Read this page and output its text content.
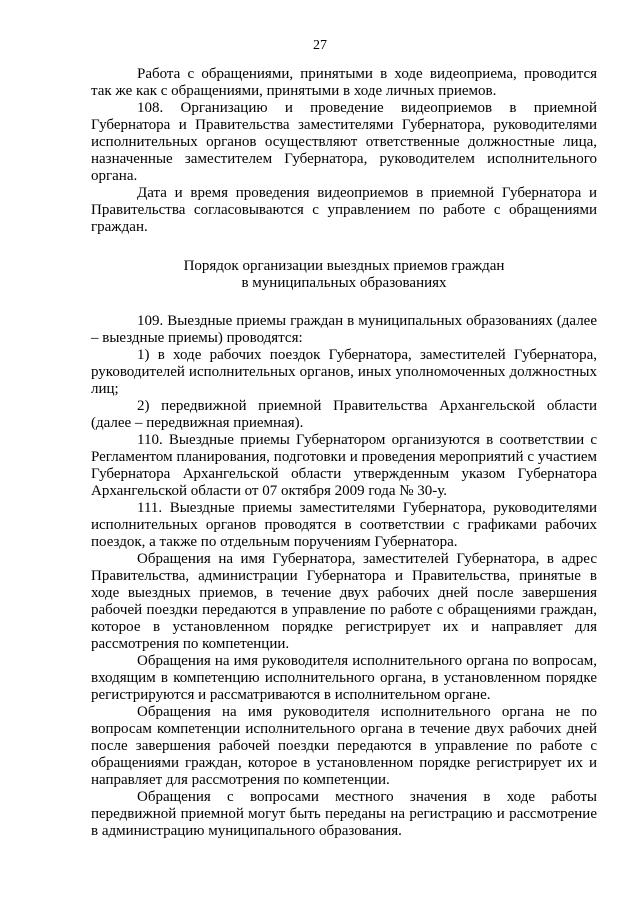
27

Работа с обращениями, принятыми в ходе видеоприема, проводится так же как с обращениями, принятыми в ходе личных приемов.

108. Организацию и проведение видеоприемов в приемной Губернатора и Правительства заместителями Губернатора, руководителями исполнительных органов осуществляют ответственные должностные лица, назначенные заместителем Губернатора, руководителем исполнительного органа.

Дата и время проведения видеоприемов в приемной Губернатора и Правительства согласовываются с управлением по работе с обращениями граждан.

Порядок организации выездных приемов граждан
в муниципальных образованиях

109. Выездные приемы граждан в муниципальных образованиях (далее – выездные приемы) проводятся:

1) в ходе рабочих поездок Губернатора, заместителей Губернатора, руководителей исполнительных органов, иных уполномоченных должностных лиц;

2) передвижной приемной Правительства Архангельской области (далее – передвижная приемная).

110. Выездные приемы Губернатором организуются в соответствии с Регламентом планирования, подготовки и проведения мероприятий с участием Губернатора Архангельской области утвержденным указом Губернатора Архангельской области от 07 октября 2009 года № 30-у.

111. Выездные приемы заместителями Губернатора, руководителями исполнительных органов проводятся в соответствии с графиками рабочих поездок, а также по отдельным поручениям Губернатора.

Обращения на имя Губернатора, заместителей Губернатора, в адрес Правительства, администрации Губернатора и Правительства, принятые в ходе выездных приемов, в течение двух рабочих дней после завершения рабочей поездки передаются в управление по работе с обращениями граждан, которое в установленном порядке регистрирует их и направляет для рассмотрения по компетенции.

Обращения на имя руководителя исполнительного органа по вопросам, входящим в компетенцию исполнительного органа, в установленном порядке регистрируются и рассматриваются в исполнительном органе.

Обращения на имя руководителя исполнительного органа не по вопросам компетенции исполнительного органа в течение двух рабочих дней после завершения рабочей поездки передаются в управление по работе с обращениями граждан, которое в установленном порядке регистрирует их и направляет для рассмотрения по компетенции.

Обращения с вопросами местного значения в ходе работы передвижной приемной могут быть переданы на регистрацию и рассмотрение в администрацию муниципального образования.
